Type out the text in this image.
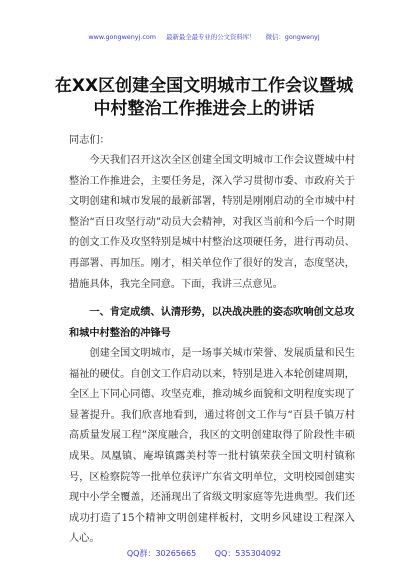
www.gongwenyj.com 最新最全最专业的公文资料库！ 微信：gongwenyj
在XX区创建全国文明城市工作会议暨城
中村整治工作推进会上的讲话
同志们：
今天我们召开这次全区创建全国文明城市工作会议暨城中村整治工作推进会，主要任务是，深入学习贯彻市委、市政府关于文明创建和城市发展的最新部署，特别是刚刚启动的全市城中村整治“百日攻坚行动”动员大会精神，对我区当前和今后一个时期的创文工作及攻坚特别是城中村整治这项硬任务，进行再动员、再部署、再加压。刚才，相关单位作了很好的发言，态度坚决，措施具体，我完全同意。下面，我讲三点意见。
一、肯定成绩、认清形势，以决战决胜的姿态吹响创文总攻和城中村整治的冲锋号
创建全国文明城市，是一场事关城市荣誉、发展质量和民生福祉的硬仗。自创文工作启动以来，特别是进入本轮创建周期，全区上下同心同德、攻坚克难，推动城乡面貌和文明程度实现了显著提升。我们欣喜地看到，通过将创文工作与“百县千镇万村高质量发展工程”深度融合，我区的文明创建取得了阶段性丰硕成果。凤凰镇、庵埠镇露美村等一批村镇荣获全国文明村镇称号，区检察院等一批单位获评广东省文明单位，文明校园创建实现中小学全覆盖，还涌现出了省级文明家庭等先进典型。我们还成功打造了15个精神文明创建样板村，文明乡风建设工程深入人心。
QQ群：30265665 QQ：535304092
